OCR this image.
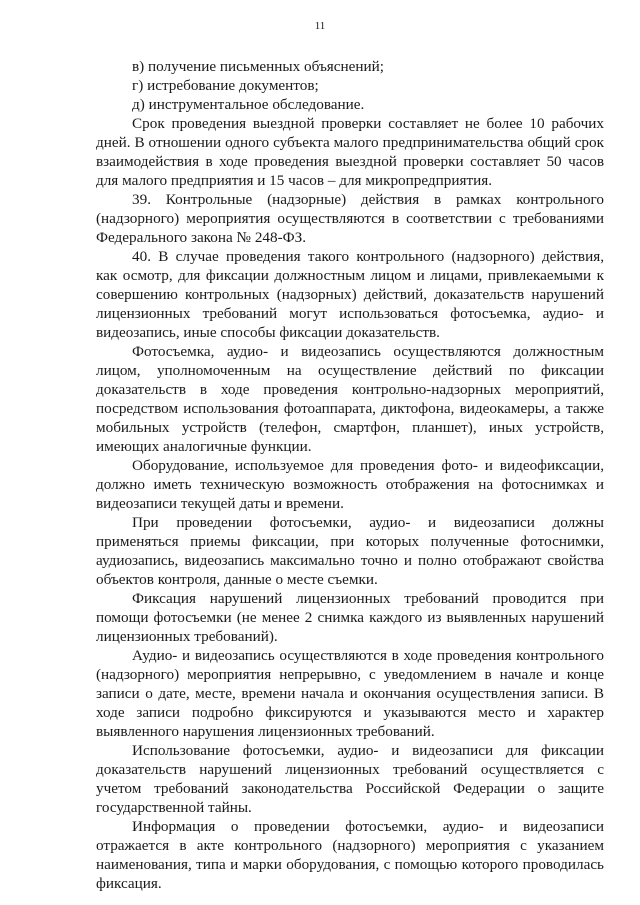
11
в) получение письменных объяснений;
г) истребование документов;
д) инструментальное обследование.

Срок проведения выездной проверки составляет не более 10 рабочих дней. В отношении одного субъекта малого предпринимательства общий срок взаимодействия в ходе проведения выездной проверки составляет 50 часов для малого предприятия и 15 часов – для микропредприятия.

39. Контрольные (надзорные) действия в рамках контрольного (надзорного) мероприятия осуществляются в соответствии с требованиями Федерального закона № 248-ФЗ.

40. В случае проведения такого контрольного (надзорного) действия, как осмотр, для фиксации должностным лицом и лицами, привлекаемыми к совершению контрольных (надзорных) действий, доказательств нарушений лицензионных требований могут использоваться фотосъемка, аудио- и видеозапись, иные способы фиксации доказательств.

Фотосъемка, аудио- и видеозапись осуществляются должностным лицом, уполномоченным на осуществление действий по фиксации доказательств в ходе проведения контрольно-надзорных мероприятий, посредством использования фотоаппарата, диктофона, видеокамеры, а также мобильных устройств (телефон, смартфон, планшет), иных устройств, имеющих аналогичные функции.

Оборудование, используемое для проведения фото- и видеофиксации, должно иметь техническую возможность отображения на фотоснимках и видеозаписи текущей даты и времени.

При проведении фотосъемки, аудио- и видеозаписи должны применяться приемы фиксации, при которых полученные фотоснимки, аудиозапись, видеозапись максимально точно и полно отображают свойства объектов контроля, данные о месте съемки.

Фиксация нарушений лицензионных требований проводится при помощи фотосъемки (не менее 2 снимка каждого из выявленных нарушений лицензионных требований).

Аудио- и видеозапись осуществляются в ходе проведения контрольного (надзорного) мероприятия непрерывно, с уведомлением в начале и конце записи о дате, месте, времени начала и окончания осуществления записи. В ходе записи подробно фиксируются и указываются место и характер выявленного нарушения лицензионных требований.

Использование фотосъемки, аудио- и видеозаписи для фиксации доказательств нарушений лицензионных требований осуществляется с учетом требований законодательства Российской Федерации о защите государственной тайны.

Информация о проведении фотосъемки, аудио- и видеозаписи отражается в акте контрольного (надзорного) мероприятия с указанием наименования, типа и марки оборудования, с помощью которого проводилась фиксация.
